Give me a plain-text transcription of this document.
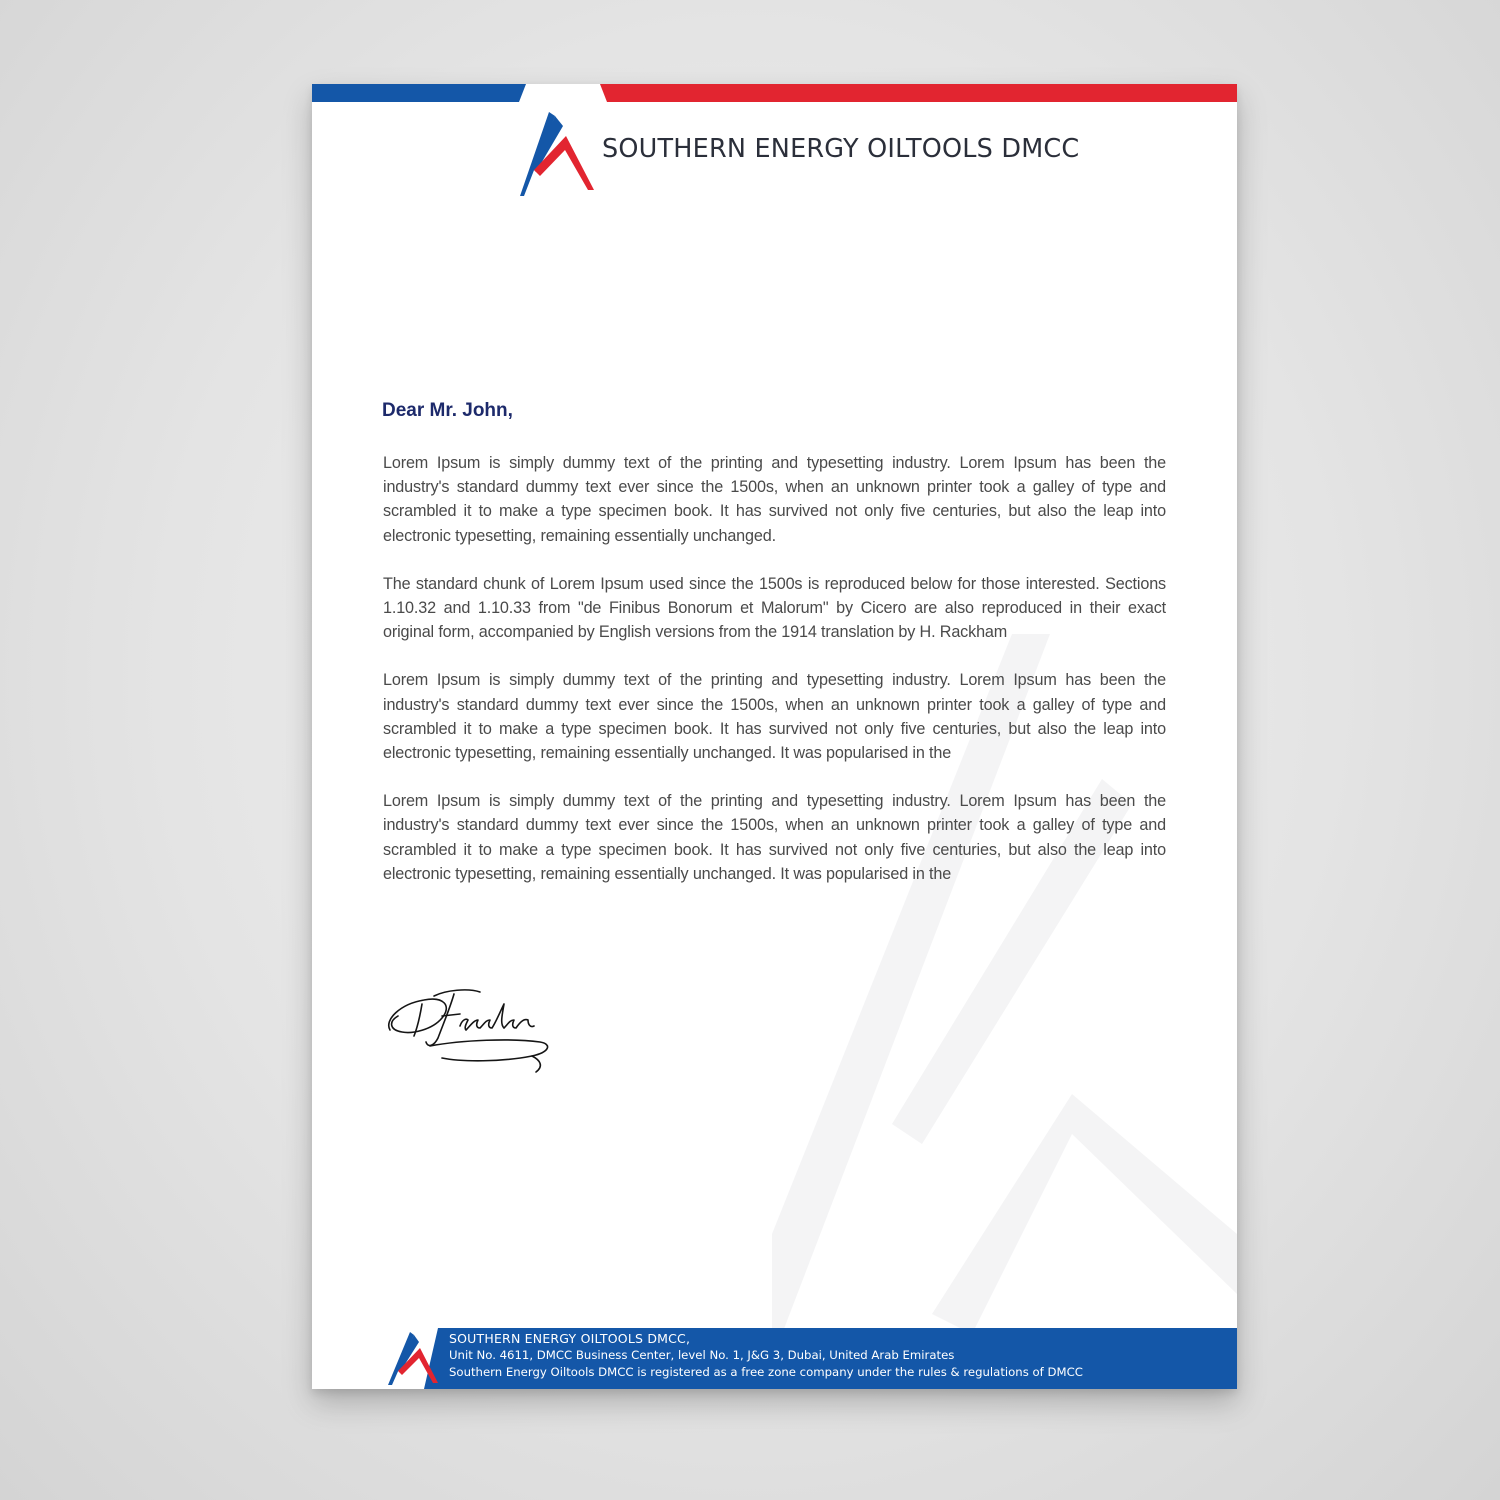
SOUTHERN ENERGY OILTOOLS DMCC
Dear Mr. John,

Lorem Ipsum is simply dummy text of the printing and typesetting industry. Lorem Ipsum has been the industry's standard dummy text ever since the 1500s, when an unknown printer took a galley of type and scrambled it to make a type specimen book. It has survived not only five centuries, but also the leap into electronic typesetting, remaining essentially unchanged.

The standard chunk of Lorem Ipsum used since the 1500s is reproduced below for those interested. Sections 1.10.32 and 1.10.33 from "de Finibus Bonorum et Malorum" by Cicero are also reproduced in their exact original form, accompanied by English versions from the 1914 translation by H. Rackham

Lorem Ipsum is simply dummy text of the printing and typesetting industry. Lorem Ipsum has been the industry's standard dummy text ever since the 1500s, when an unknown printer took a galley of type and scrambled it to make a type specimen book. It has survived not only five centuries, but also the leap into electronic typesetting, remaining essentially unchanged. It was popularised in the

Lorem Ipsum is simply dummy text of the printing and typesetting industry. Lorem Ipsum has been the industry's standard dummy text ever since the 1500s, when an unknown printer took a galley of type and scrambled it to make a type specimen book. It has survived not only five centuries, but also the leap into electronic typesetting, remaining essentially unchanged. It was popularised in the

SOUTHERN ENERGY OILTOOLS DMCC,
Unit No. 4611, DMCC Business Center, level No. 1, J&G 3, Dubai, United Arab Emirates
Southern Energy Oiltools DMCC is registered as a free zone company under the rules & regulations of DMCC
